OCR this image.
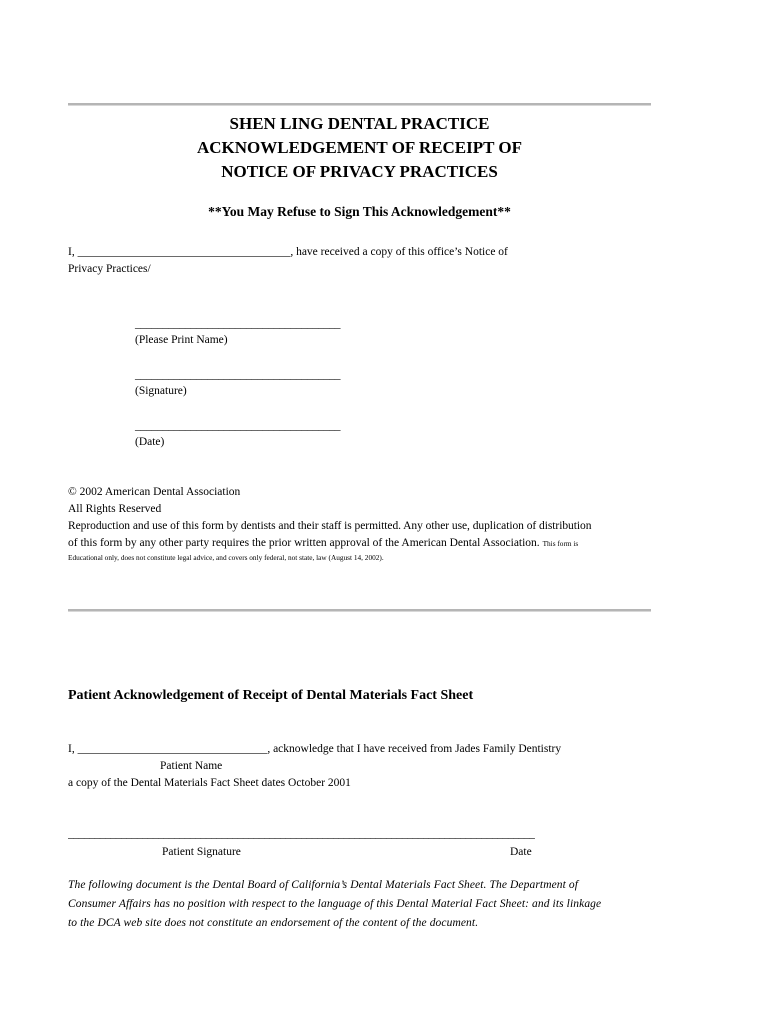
SHEN LING DENTAL PRACTICE
ACKNOWLEDGEMENT OF RECEIPT OF
NOTICE OF PRIVACY PRACTICES
**You May Refuse to Sign This Acknowledgement**
I, _____________________________________, have received a copy of this office’s Notice of
Privacy Practices/
_____________________________________
(Please Print Name)
_____________________________________
(Signature)
_____________________________________
(Date)
© 2002 American Dental Association
All Rights Reserved
Reproduction and use of this form by dentists and their staff is permitted. Any other use, duplication of distribution
of this form by any other party requires the prior written approval of the American Dental Association. This form is
Educational only, does not constitute legal advice, and covers only federal, not state, law (August 14, 2002).
Patient Acknowledgement of Receipt of Dental Materials Fact Sheet
I, _________________________________, acknowledge that I have received from Jades Family Dentistry
Patient Name
a copy of the Dental Materials Fact Sheet dates October 2001
________________________________________________________________________________________
Patient Signature	Date
The following document is the Dental Board of California’s Dental Materials Fact Sheet. The Department of
Consumer Affairs has no position with respect to the language of this Dental Material Fact Sheet: and its linkage
to the DCA web site does not constitute an endorsement of the content of the document.
